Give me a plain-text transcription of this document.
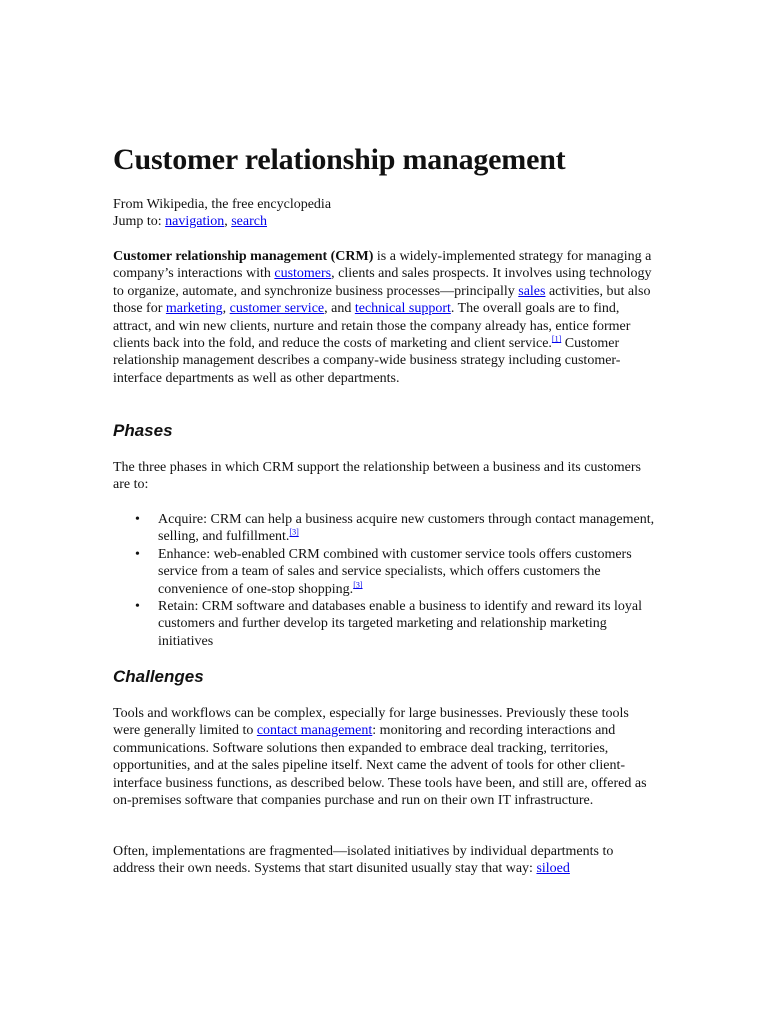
Customer relationship management
From Wikipedia, the free encyclopedia
Jump to: navigation, search
Customer relationship management (CRM) is a widely-implemented strategy for managing a company’s interactions with customers, clients and sales prospects. It involves using technology to organize, automate, and synchronize business processes—principally sales activities, but also those for marketing, customer service, and technical support. The overall goals are to find, attract, and win new clients, nurture and retain those the company already has, entice former clients back into the fold, and reduce the costs of marketing and client service.[1] Customer relationship management describes a company-wide business strategy including customer-interface departments as well as other departments.
Phases
The three phases in which CRM support the relationship between a business and its customers are to:
• Acquire: CRM can help a business acquire new customers through contact management, selling, and fulfillment.[3]
• Enhance: web-enabled CRM combined with customer service tools offers customers service from a team of sales and service specialists, which offers customers the convenience of one-stop shopping.[3]
• Retain: CRM software and databases enable a business to identify and reward its loyal customers and further develop its targeted marketing and relationship marketing initiatives
Challenges
Tools and workflows can be complex, especially for large businesses. Previously these tools were generally limited to contact management: monitoring and recording interactions and communications. Software solutions then expanded to embrace deal tracking, territories, opportunities, and at the sales pipeline itself. Next came the advent of tools for other client-interface business functions, as described below. These tools have been, and still are, offered as on-premises software that companies purchase and run on their own IT infrastructure.
Often, implementations are fragmented—isolated initiatives by individual departments to address their own needs. Systems that start disunited usually stay that way: siloed
